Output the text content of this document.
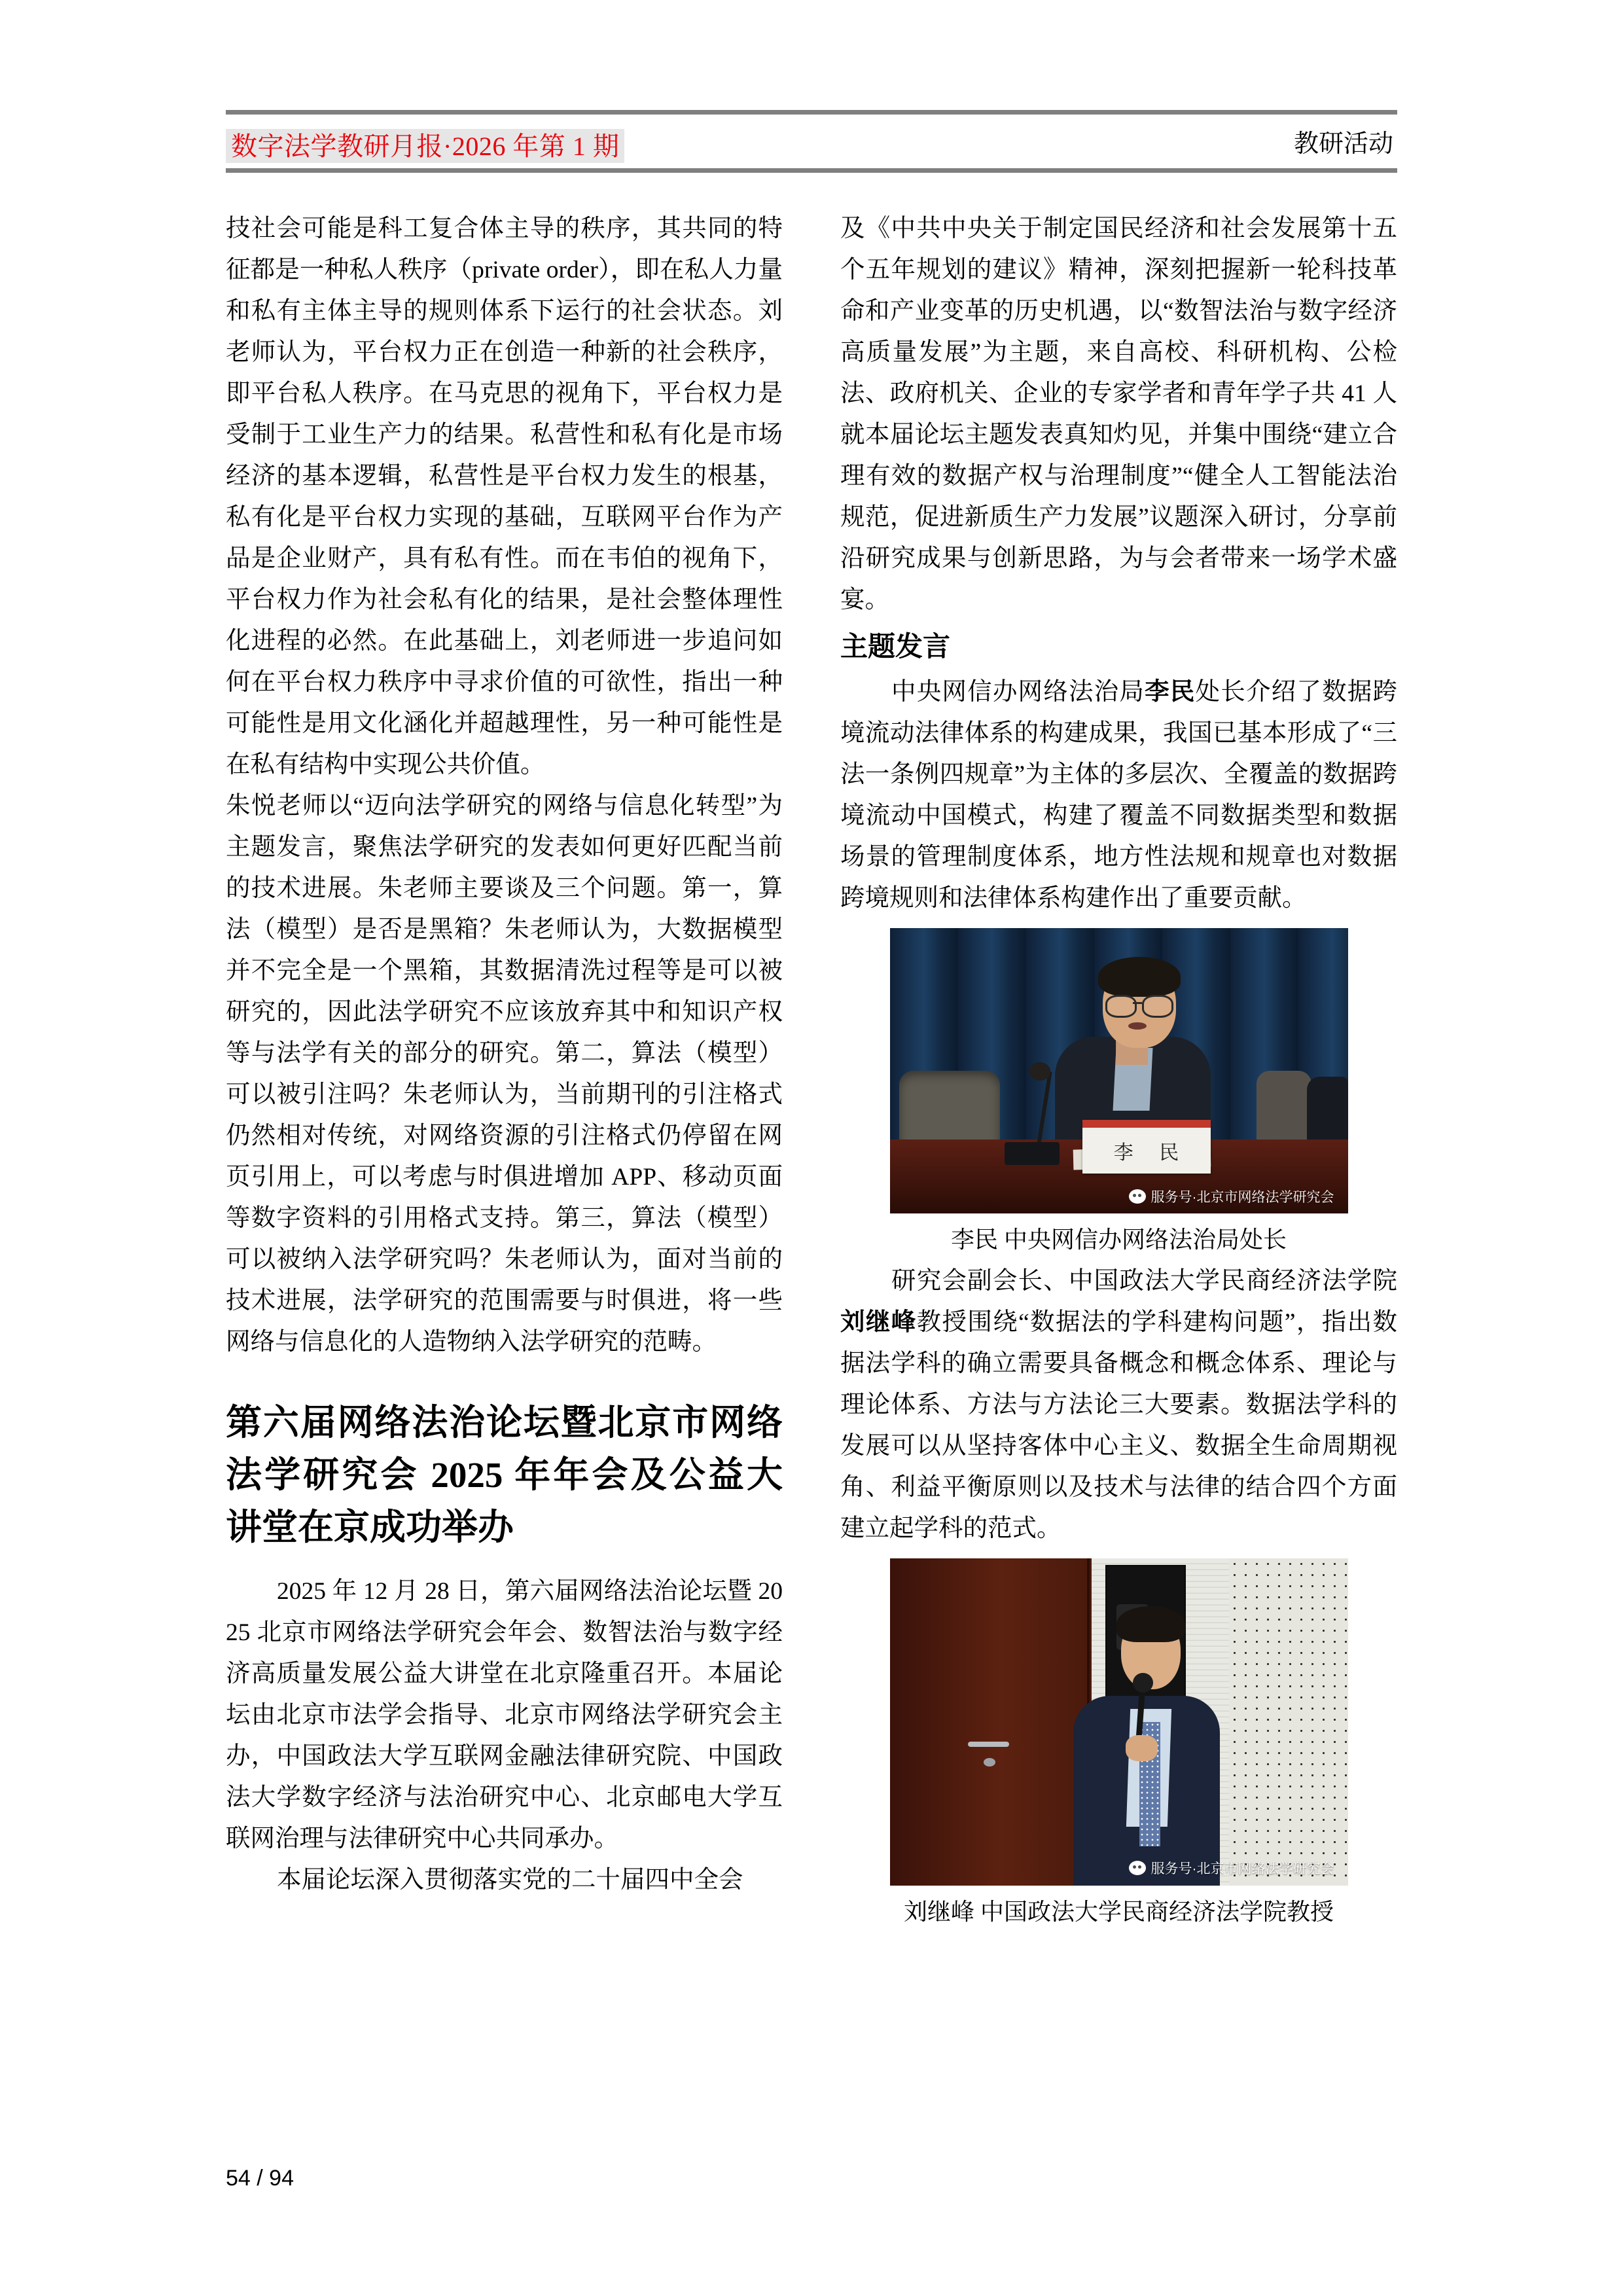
数字法学教研月报·2026 年第 1 期	教研活动

技社会可能是科工复合体主导的秩序，其共同的特征都是一种私人秩序（private order），即在私人力量和私有主体主导的规则体系下运行的社会状态。刘老师认为，平台权力正在创造一种新的社会秩序，即平台私人秩序。在马克思的视角下，平台权力是受制于工业生产力的结果。私营性和私有化是市场经济的基本逻辑，私营性是平台权力发生的根基，私有化是平台权力实现的基础，互联网平台作为产品是企业财产，具有私有性。而在韦伯的视角下，平台权力作为社会私有化的结果，是社会整体理性化进程的必然。在此基础上，刘老师进一步追问如何在平台权力秩序中寻求价值的可欲性，指出一种可能性是用文化涵化并超越理性，另一种可能性是在私有结构中实现公共价值。

朱悦老师以“迈向法学研究的网络与信息化转型”为主题发言，聚焦法学研究的发表如何更好匹配当前的技术进展。朱老师主要谈及三个问题。第一，算法（模型）是否是黑箱？朱老师认为，大数据模型并不完全是一个黑箱，其数据清洗过程等是可以被研究的，因此法学研究不应该放弃其中和知识产权等与法学有关的部分的研究。第二，算法（模型）可以被引注吗？朱老师认为，当前期刊的引注格式仍然相对传统，对网络资源的引注格式仍停留在网页引用上，可以考虑与时俱进增加 APP、移动页面等数字资料的引用格式支持。第三，算法（模型）可以被纳入法学研究吗？朱老师认为，面对当前的技术进展，法学研究的范围需要与时俱进，将一些网络与信息化的人造物纳入法学研究的范畴。

第六届网络法治论坛暨北京市网络法学研究会 2025 年年会及公益大讲堂在京成功举办

2025 年 12 月 28 日，第六届网络法治论坛暨 2025 北京市网络法学研究会年会、数智法治与数字经济高质量发展公益大讲堂在北京隆重召开。本届论坛由北京市法学会指导、北京市网络法学研究会主办，中国政法大学互联网金融法律研究院、中国政法大学数字经济与法治研究中心、北京邮电大学互联网治理与法律研究中心共同承办。

本届论坛深入贯彻落实党的二十届四中全会

及《中共中央关于制定国民经济和社会发展第十五个五年规划的建议》精神，深刻把握新一轮科技革命和产业变革的历史机遇，以“数智法治与数字经济高质量发展”为主题，来自高校、科研机构、公检法、政府机关、企业的专家学者和青年学子共 41 人就本届论坛主题发表真知灼见，并集中围绕“建立合理有效的数据产权与治理制度”“健全人工智能法治规范，促进新质生产力发展”议题深入研讨，分享前沿研究成果与创新思路，为与会者带来一场学术盛宴。

主题发言

中央网信办网络法治局李民处长介绍了数据跨境流动法律体系的构建成果，我国已基本形成了“三法一条例四规章”为主体的多层次、全覆盖的数据跨境流动中国模式，构建了覆盖不同数据类型和数据场景的管理制度体系，地方性法规和规章也对数据跨境规则和法律体系构建作出了重要贡献。

李 民
服务号·北京市网络法学研究会
李民 中央网信办网络法治局处长

研究会副会长、中国政法大学民商经济法学院刘继峰教授围绕“数据法的学科建构问题”，指出数据法学科的确立需要具备概念和概念体系、理论与理论体系、方法与方法论三大要素。数据法学科的发展可以从坚持客体中心主义、数据全生命周期视角、利益平衡原则以及技术与法律的结合四个方面建立起学科的范式。

服务号·北京市网络法学研究会
刘继峰 中国政法大学民商经济法学院教授
54 / 94
